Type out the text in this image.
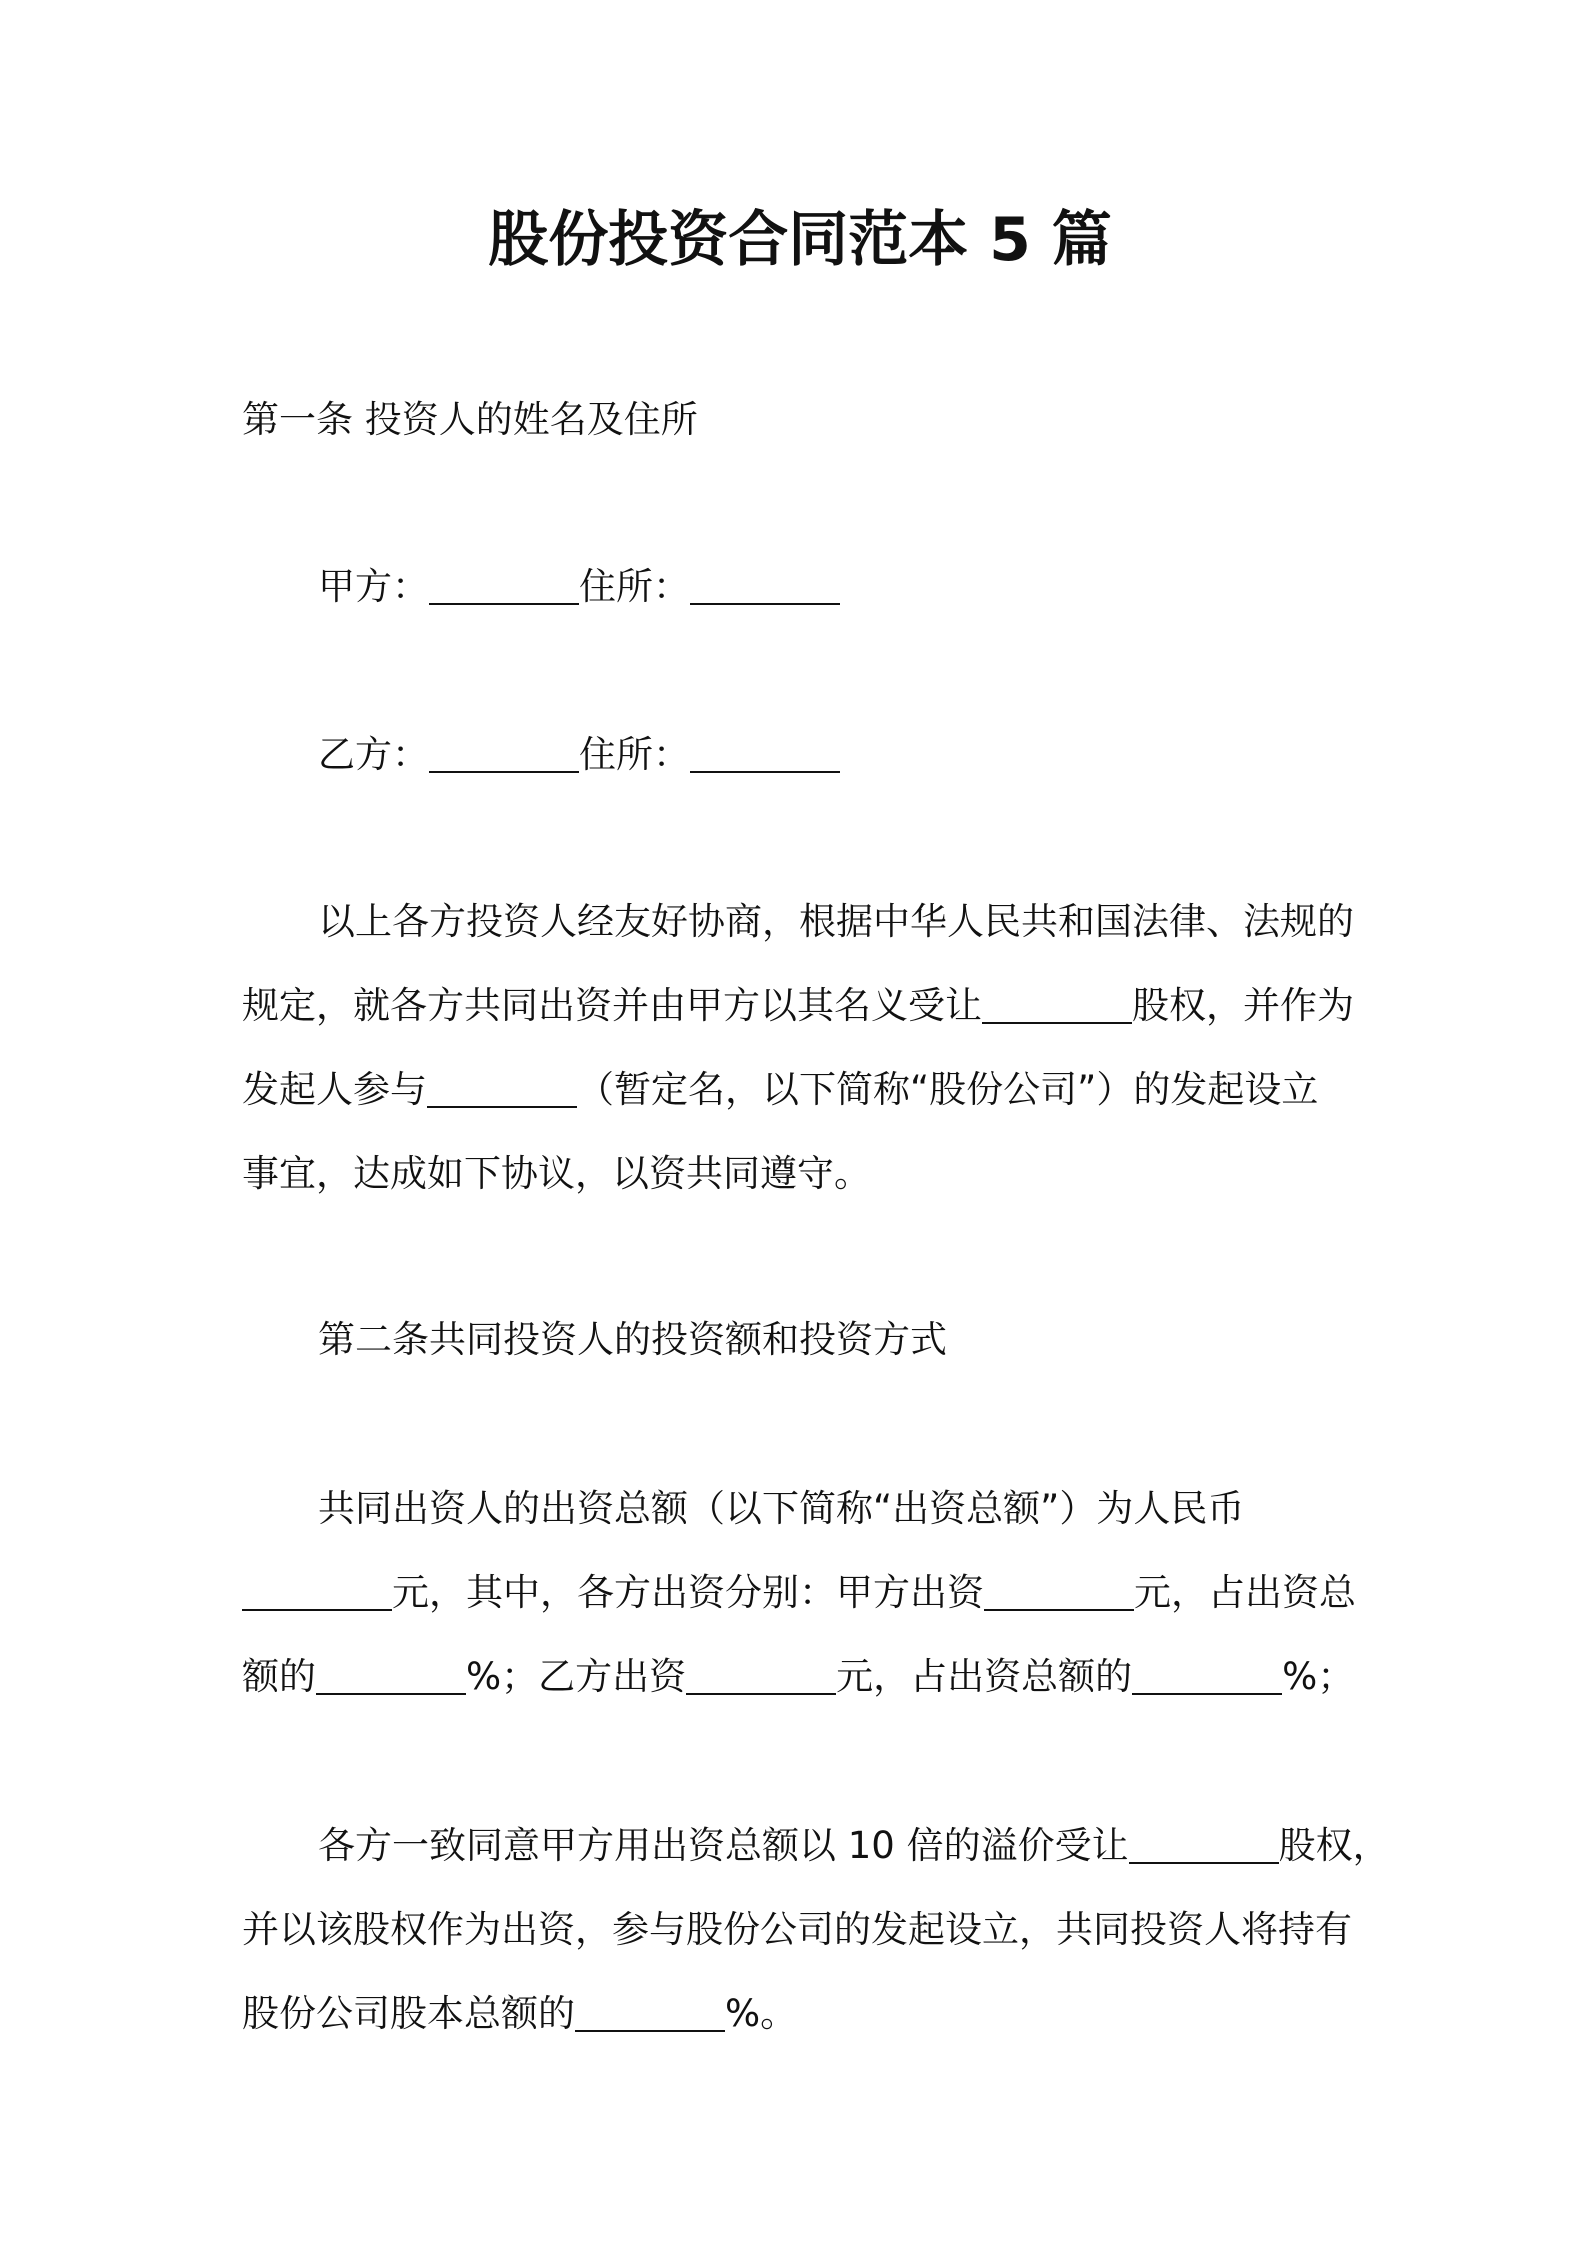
股份投资合同范本 5 篇
第一条 投资人的姓名及住所
甲方：	住所：
乙方：	住所：
以上各方投资人经友好协商，根据中华人民共和国法律、法规的
规定，就各方共同出资并由甲方以其名义受让	股权，并作为
发起人参与	（暂定名，以下简称“股份公司”）的发起设立
事宜，达成如下协议，以资共同遵守。
第二条共同投资人的投资额和投资方式
共同出资人的出资总额（以下简称“出资总额”）为人民币
元，其中，各方出资分别：甲方出资	元，占出资总
额的	%；乙方出资	元，占出资总额的	%；
各方一致同意甲方用出资总额以 10 倍的溢价受让	股权，
并以该股权作为出资，参与股份公司的发起设立，共同投资人将持有
股份公司股本总额的	%。
